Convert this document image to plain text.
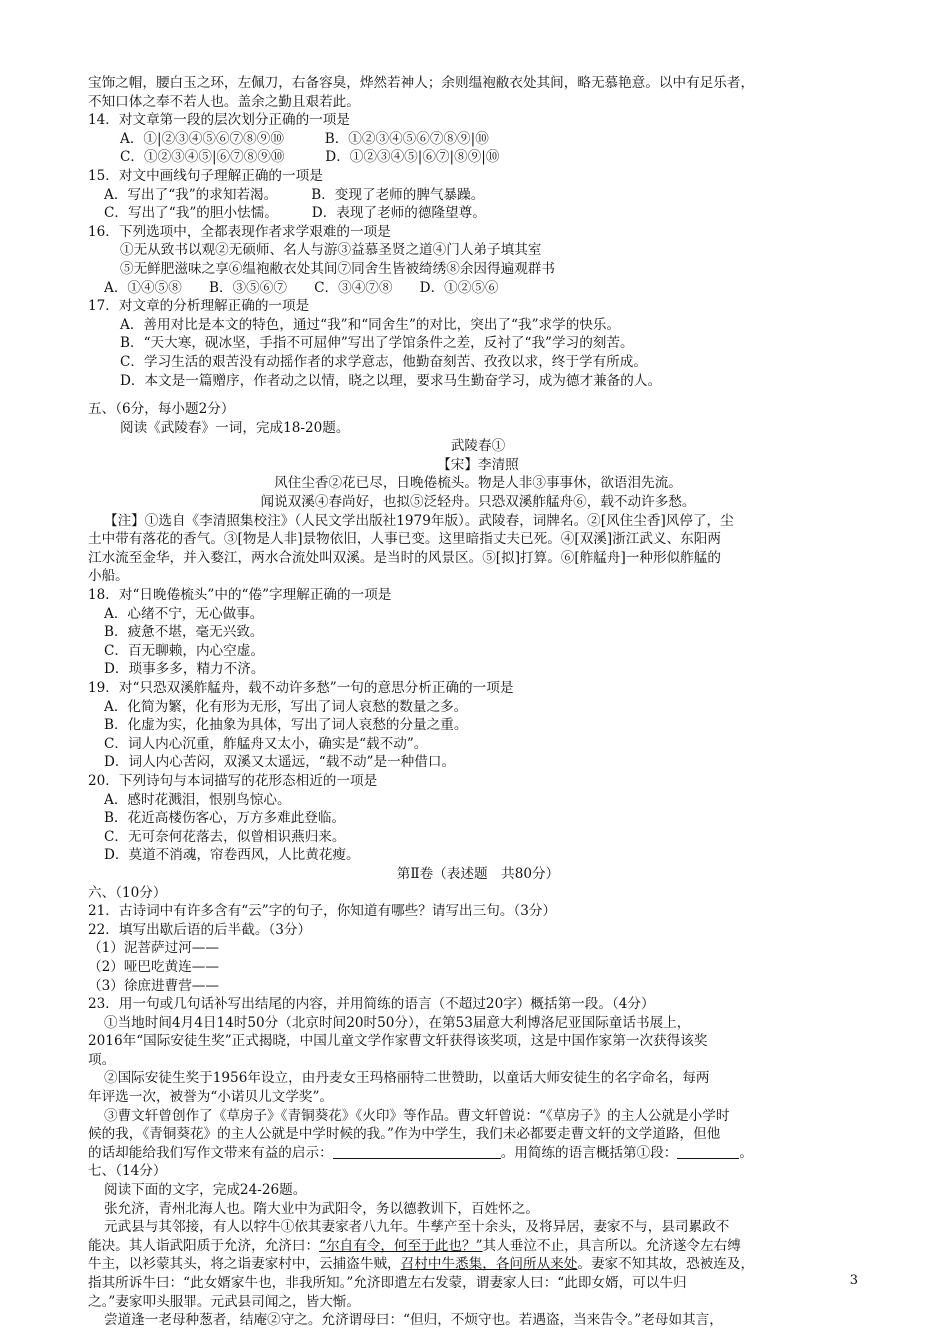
宝饰之帽，腰白玉之环，左佩刀，右备容臭，烨然若神人；余则缊袍敝衣处其间，略无慕艳意。以中有足乐者，

不知口体之奉不若人也。盖余之勤且艰若此。

14．对文章第一段的层次划分正确的一项是

A．①|②③④⑤⑥⑦⑧⑨⑩　　　B．①②③④⑤⑥⑦⑧⑨|⑩

C．①②③④⑤|⑥⑦⑧⑨⑩　　　D．①②③④⑤|⑥⑦|⑧⑨|⑩

15．对文中画线句子理解正确的一项是

A．写出了“我”的求知若渴。　　　B．变现了老师的脾气暴躁。

C．写出了“我”的胆小怯懦。　　　D．表现了老师的德隆望尊。

16．下列选项中，全都表现作者求学艰难的一项是

①无从致书以观②无硕师、名人与游③益慕圣贤之道④门人弟子填其室

⑤无鲜肥滋味之享⑥缊袍敝衣处其间⑦同舍生皆被绮绣⑧余因得遍观群书

A．①④⑤⑧　　B．③⑤⑥⑦　　C．③④⑦⑧　　D．①②⑤⑥

17．对文章的分析理解正确的一项是

A．善用对比是本文的特色，通过“我”和“同舍生”的对比，突出了“我”求学的快乐。

B．“天大寒，砚冰坚，手指不可屈伸”写出了学馆条件之差，反衬了“我”学习的刻苦。

C．学习生活的艰苦没有动摇作者的求学意志，他勤奋刻苦、孜孜以求，终于学有所成。

D．本文是一篇赠序，作者动之以情，晓之以理，要求马生勤奋学习，成为德才兼备的人。

五、（6分，每小题2分）

阅读《武陵春》一词，完成18-20题。

武陵春①

【宋】李清照

风住尘香②花已尽，日晚倦梳头。物是人非③事事休，欲语泪先流。

闻说双溪④春尚好，也拟⑤泛轻舟。只恐双溪舴艋舟⑥，载不动许多愁。

【注】①选自《李清照集校注》（人民文学出版社1979年版）。武陵春，词牌名。②[风住尘香]风停了，尘

土中带有落花的香气。③[物是人非]景物依旧，人事已变。这里暗指丈夫已死。④[双溪]浙江武义、东阳两

江水流至金华，并入婺江，两水合流处叫双溪。是当时的风景区。⑤[拟]打算。⑥[舴艋舟]一种形似舴艋的

小船。

18．对“日晚倦梳头”中的“倦”字理解正确的一项是

A．心绪不宁，无心做事。

B．疲惫不堪，毫无兴致。

C．百无聊赖，内心空虚。

D．琐事多多，精力不济。

19．对“只恐双溪舴艋舟，载不动许多愁”一句的意思分析正确的一项是

A．化简为繁，化有形为无形，写出了词人哀愁的数量之多。

B．化虚为实，化抽象为具体，写出了词人哀愁的分量之重。

C．词人内心沉重，舴艋舟又太小，确实是“载不动”。

D．词人内心苦闷，双溪又太遥远，“载不动”是一种借口。

20．下列诗句与本词描写的花形态相近的一项是

A．感时花溅泪，恨别鸟惊心。

B．花近高楼伤客心，万方多难此登临。

C．无可奈何花落去，似曾相识燕归来。

D．莫道不消魂，帘卷西风，人比黄花瘦。

第Ⅱ卷（表述题　共80分）

六、（10分）

21．古诗词中有许多含有“云”字的句子，你知道有哪些？请写出三句。（3分）

22．填写出歇后语的后半截。（3分）

（1）泥菩萨过河——

（2）哑巴吃黄连——

（3）徐庶进曹营——

23．用一句或几句话补写出结尾的内容，并用简练的语言（不超过20字）概括第一段。（4分）

①当地时间4月4日14时50分（北京时间20时50分），在第53届意大利博洛尼亚国际童话书展上，

2016年“国际安徒生奖”正式揭晓，中国儿童文学作家曹文轩获得该奖项，这是中国作家第一次获得该奖

项。

②国际安徒生奖于1956年设立，由丹麦女王玛格丽特二世赞助，以童话大师安徒生的名字命名，每两

年评选一次，被誉为“小诺贝儿文学奖”。

③曹文轩曾创作了《草房子》《青铜葵花》《火印》等作品。曹文轩曾说：“《草房子》的主人公就是小学时

候的我，《青铜葵花》的主人公就是中学时候的我。”作为中学生，我们未必都要走曹文轩的文学道路，但他

的话却能给我们写作文带来有益的启示：	。用简练的语言概括第①段：	。

七、（14分）

阅读下面的文字，完成24-26题。

张允济，青州北海人也。隋大业中为武阳令，务以德教训下，百姓怀之。

元武县与其邻接，有人以牸牛①依其妻家者八九年。牛孳产至十余头，及将异居，妻家不与，县司累政不

能决。其人诣武阳质于允济，允济曰：“尔自有令，何至于此也？”其人垂泣不止，具言所以。允济遂令左右缚

牛主，以衫蒙其头，将之诣妻家村中，云捕盗牛贼，召村中牛悉集，各问所从来处。妻家不知其故，恐被连及，

指其所诉牛曰：“此女婿家牛也，非我所知。”允济即遣左右发蒙，谓妻家人曰：“此即女婿，可以牛归

之。”妻家叩头服罪。元武县司闻之，皆大惭。

尝道逢一老母种葱者，结庵②守之。允济谓母曰：“但归，不烦守也。若遇盗，当来告令。”老母如其言，

3
